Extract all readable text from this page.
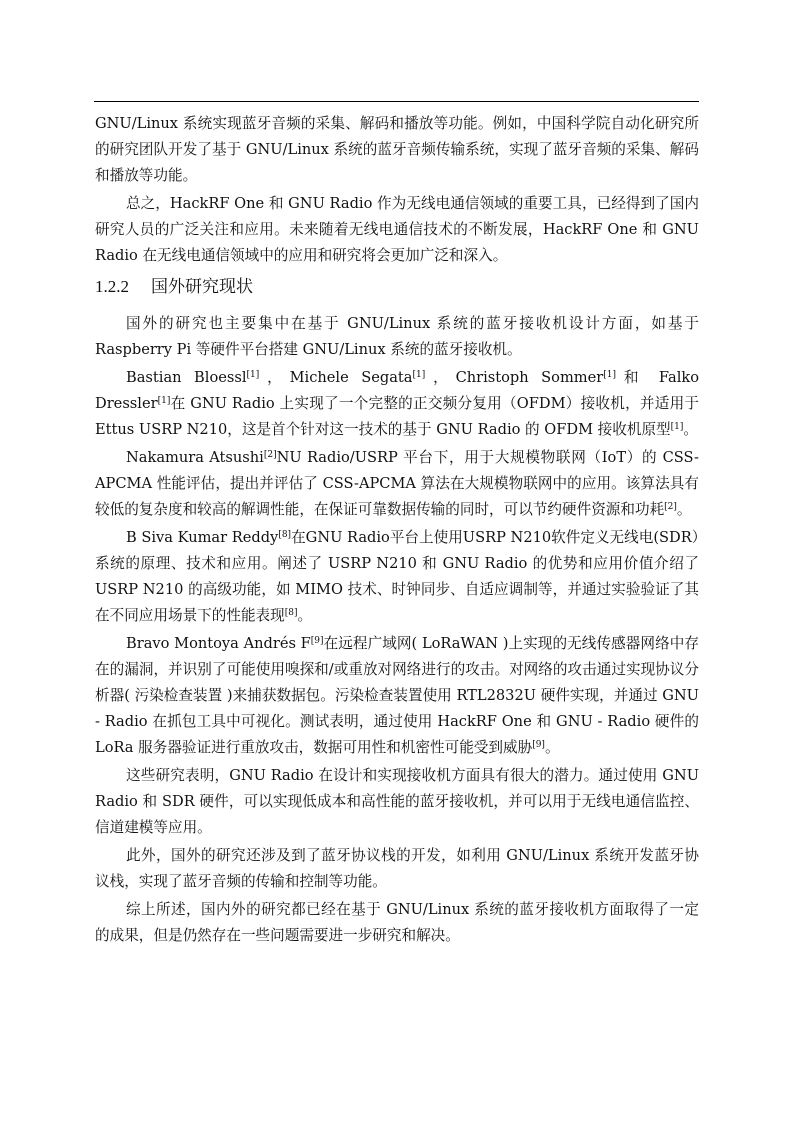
GNU/Linux 系统实现蓝牙音频的采集、解码和播放等功能。例如，中国科学院自动化研究所的研究团队开发了基于 GNU/Linux 系统的蓝牙音频传输系统，实现了蓝牙音频的采集、解码和播放等功能。

总之，HackRF One 和 GNU Radio 作为无线电通信领域的重要工具，已经得到了国内研究人员的广泛关注和应用。未来随着无线电通信技术的不断发展，HackRF One 和 GNU Radio 在无线电通信领域中的应用和研究将会更加广泛和深入。

1.2.2 国外研究现状

国外的研究也主要集中在基于 GNU/Linux 系统的蓝牙接收机设计方面，如基于 Raspberry Pi 等硬件平台搭建 GNU/Linux 系统的蓝牙接收机。

Bastian Bloessl[1]，Michele Segata[1]，Christoph Sommer[1]和 Falko Dressler[1]在 GNU Radio 上实现了一个完整的正交频分复用（OFDM）接收机，并适用于 Ettus USRP N210，这是首个针对这一技术的基于 GNU Radio 的 OFDM 接收机原型[1]。

Nakamura Atsushi[2]NU Radio/USRP 平台下，用于大规模物联网（IoT）的 CSS-APCMA 性能评估，提出并评估了 CSS-APCMA 算法在大规模物联网中的应用。该算法具有较低的复杂度和较高的解调性能，在保证可靠数据传输的同时，可以节约硬件资源和功耗[2]。

B Siva Kumar Reddy[8]在GNU Radio平台上使用USRP N210软件定义无线电(SDR）系统的原理、技术和应用。阐述了 USRP N210 和 GNU Radio 的优势和应用价值介绍了 USRP N210 的高级功能，如 MIMO 技术、时钟同步、自适应调制等，并通过实验验证了其在不同应用场景下的性能表现[8]。

Bravo Montoya Andrés F[9]在远程广域网( LoRaWAN )上实现的无线传感器网络中存在的漏洞，并识别了可能使用嗅探和/或重放对网络进行的攻击。对网络的攻击通过实现协议分析器( 污染检查装置 )来捕获数据包。污染检查装置使用 RTL2832U 硬件实现，并通过 GNU - Radio 在抓包工具中可视化。测试表明，通过使用 HackRF One 和 GNU - Radio 硬件的 LoRa 服务器验证进行重放攻击，数据可用性和机密性可能受到威胁[9]。

这些研究表明，GNU Radio 在设计和实现接收机方面具有很大的潜力。通过使用 GNU Radio 和 SDR 硬件，可以实现低成本和高性能的蓝牙接收机，并可以用于无线电通信监控、信道建模等应用。

此外，国外的研究还涉及到了蓝牙协议栈的开发，如利用 GNU/Linux 系统开发蓝牙协议栈，实现了蓝牙音频的传输和控制等功能。

综上所述，国内外的研究都已经在基于 GNU/Linux 系统的蓝牙接收机方面取得了一定的成果，但是仍然存在一些问题需要进一步研究和解决。
